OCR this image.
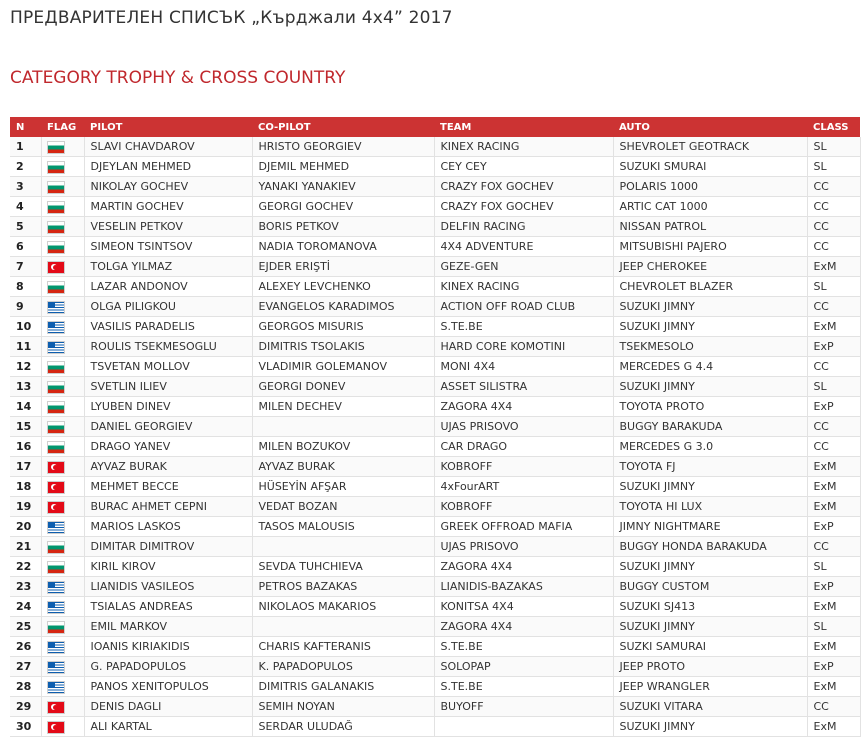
ПРЕДВАРИТЕЛЕН СПИСЪК „Кърджали 4х4” 2017
CATEGORY TROPHY & CROSS COUNTRY
N	FLAG	PILOT	CO-PILOT	TEAM	AUTO	CLASS
1		SLAVI CHAVDAROV	HRISTO GEORGIEV	KINEX RACING	SHEVROLET GEOTRACK	SL
2		DJEYLAN MEHMED	DJEMIL MEHMED	CEY CEY	SUZUKI SMURAI	SL
3		NIKOLAY GOCHEV	YANAKI YANAKIEV	CRAZY FOX GOCHEV	POLARIS 1000	CC
4		MARTIN GOCHEV	GEORGI GOCHEV	CRAZY FOX GOCHEV	ARTIC CAT 1000	CC
5		VESELIN PETKOV	BORIS PETKOV	DELFIN RACING	NISSAN PATROL	CC
6		SIMEON TSINTSOV	NADIA TOROMANOVA	4X4 ADVENTURE	MITSUBISHI PAJERO	CC
7		TOLGA YILMAZ	EJDER ERIŞTİ	GEZE-GEN	JEEP CHEROKEE	ExM
8		LAZAR ANDONOV	ALEXEY LEVCHENKO	KINEX RACING	CHEVROLET BLAZER	SL
9		OLGA PILIGKOU	EVANGELOS KARADIMOS	ACTION OFF ROAD CLUB	SUZUKI JIMNY	CC
10		VASILIS PARADELIS	GEORGOS MISURIS	S.TE.BE	SUZUKI JIMNY	ExM
11		ROULIS TSEKMESOGLU	DIMITRIS TSOLAKIS	HARD CORE KOMOTINI	TSEKMESOLO	ExP
12		TSVETAN MOLLOV	VLADIMIR GOLEMANOV	MONI 4X4	MERCEDES G 4.4	CC
13		SVETLIN ILIEV	GEORGI DONEV	ASSET SILISTRA	SUZUKI JIMNY	SL
14		LYUBEN DINEV	MILEN DECHEV	ZAGORA 4X4	TOYOTA PROTO	ExP
15		DANIEL GEORGIEV		UJAS PRISOVO	BUGGY BARAKUDA	CC
16		DRAGO YANEV	MILEN BOZUKOV	CAR DRAGO	MERCEDES G 3.0	CC
17		AYVAZ BURAK	AYVAZ BURAK	KOBROFF	TOYOTA FJ	ExM
18		MEHMET BECCE	HÜSEYİN AFŞAR	4xFourART	SUZUKI JIMNY	ExM
19		BURAC AHMET CEPNI	VEDAT BOZAN	KOBROFF	TOYOTA HI LUX	ExM
20		MARIOS LASKOS	TASOS MALOUSIS	GREEK OFFROAD MAFIA	JIMNY NIGHTMARE	ExP
21		DIMITAR DIMITROV		UJAS PRISOVO	BUGGY HONDA BARAKUDA	CC
22		KIRIL KIROV	SEVDA TUHCHIEVA	ZAGORA 4X4	SUZUKI JIMNY	SL
23		LIANIDIS VASILEOS	PETROS BAZAKAS	LIANIDIS-BAZAKAS	BUGGY CUSTOM	ExP
24		TSIALAS ANDREAS	NIKOLAOS MAKARIOS	KONITSA 4X4	SUZUKI SJ413	ExM
25		EMIL MARKOV		ZAGORA 4X4	SUZUKI JIMNY	SL
26		IOANIS KIRIAKIDIS	CHARIS KAFTERANIS	S.TE.BE	SUZKI SAMURAI	ExM
27		G. PAPADOPULOS	K. PAPADOPULOS	SOLOPAP	JEEP PROTO	ExP
28		PANOS XENITOPULOS	DIMITRIS GALANAKIS	S.TE.BE	JEEP WRANGLER	ExM
29		DENIS DAGLI	SEMIH NOYAN	BUYOFF	SUZUKI VITARA	CC
30		ALI KARTAL	SERDAR ULUDAĞ		SUZUKI JIMNY	ExM
